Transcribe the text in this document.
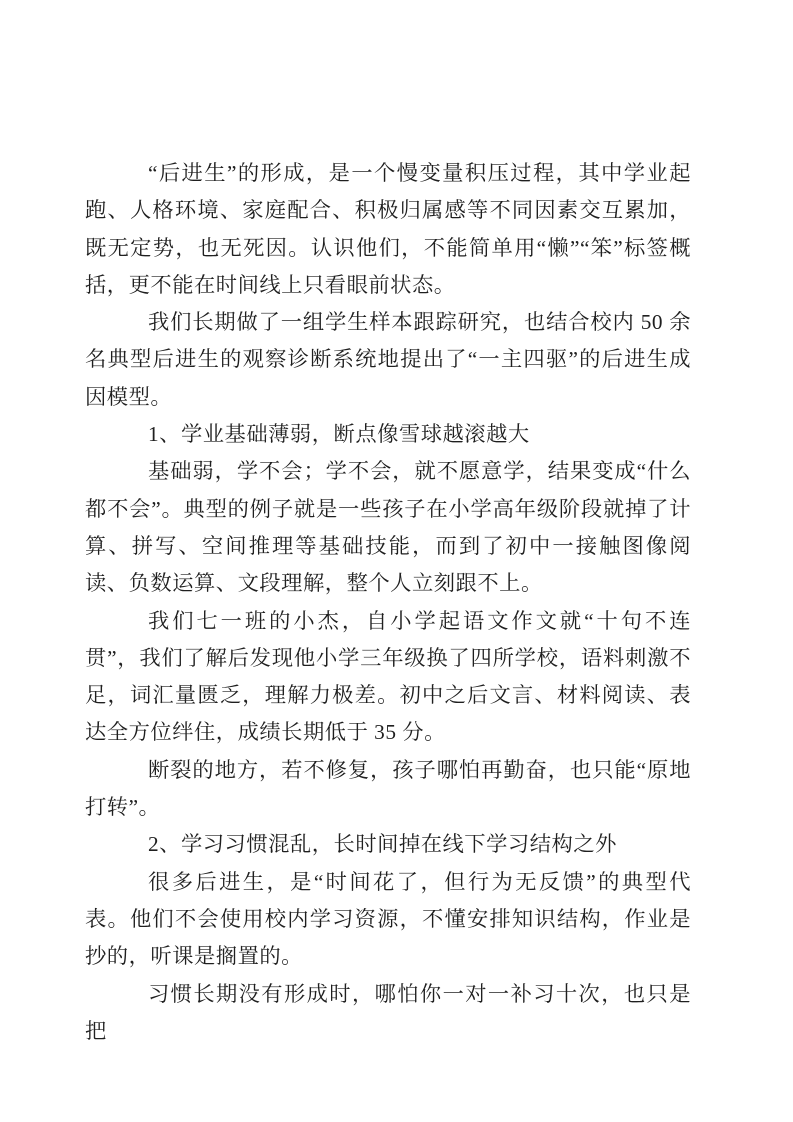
“后进生”的形成，是一个慢变量积压过程，其中学业起跑、人格环境、家庭配合、积极归属感等不同因素交互累加，既无定势，也无死因。认识他们，不能简单用“懒”“笨”标签概括，更不能在时间线上只看眼前状态。

我们长期做了一组学生样本跟踪研究，也结合校内 50 余名典型后进生的观察诊断系统地提出了“一主四驱”的后进生成因模型。

1、学业基础薄弱，断点像雪球越滚越大

基础弱，学不会；学不会，就不愿意学，结果变成“什么都不会”。典型的例子就是一些孩子在小学高年级阶段就掉了计算、拼写、空间推理等基础技能，而到了初中一接触图像阅读、负数运算、文段理解，整个人立刻跟不上。

我们七一班的小杰，自小学起语文作文就“十句不连贯”，我们了解后发现他小学三年级换了四所学校，语料刺激不足，词汇量匮乏，理解力极差。初中之后文言、材料阅读、表达全方位绊住，成绩长期低于 35 分。

断裂的地方，若不修复，孩子哪怕再勤奋，也只能“原地打转”。

2、学习习惯混乱，长时间掉在线下学习结构之外

很多后进生，是“时间花了，但行为无反馈”的典型代表。他们不会使用校内学习资源，不懂安排知识结构，作业是抄的，听课是搁置的。

习惯长期没有形成时，哪怕你一对一补习十次，也只是把
